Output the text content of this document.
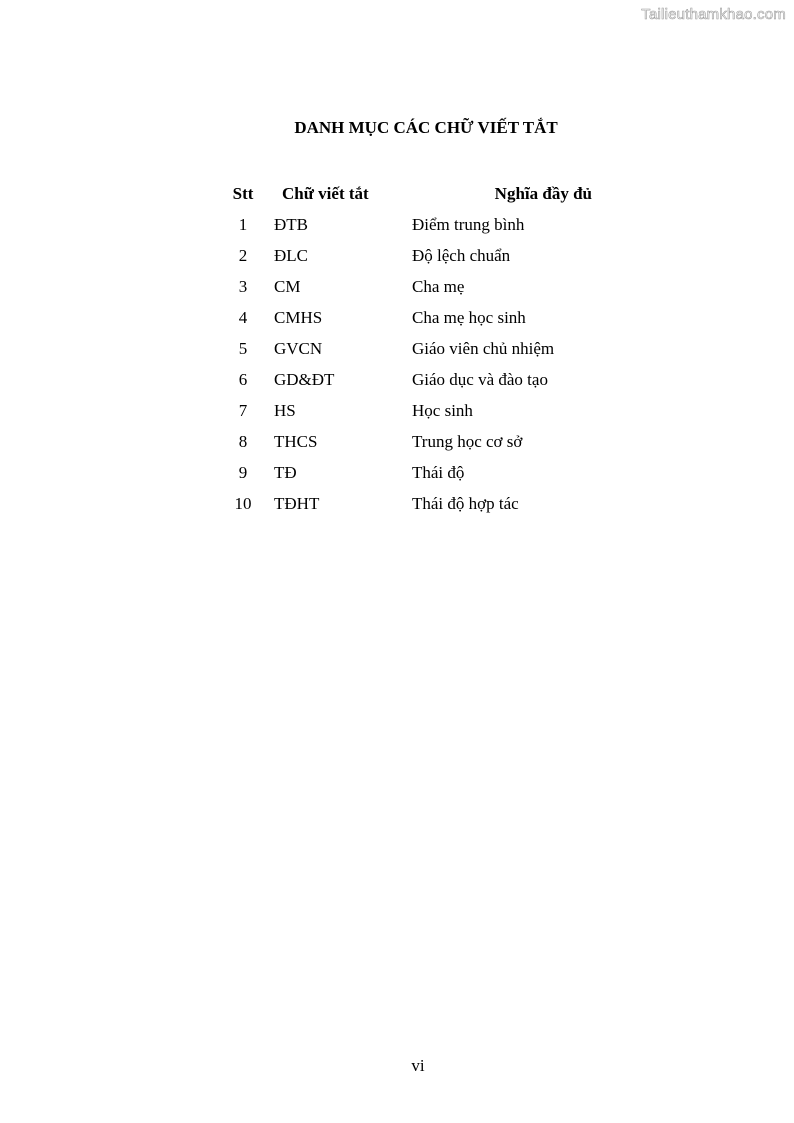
Tailieuthamkhao.com
DANH MỤC CÁC CHỮ VIẾT TẮT
Stt	Chữ viết tắt	Nghĩa đầy đủ
1	ĐTB	Điểm trung bình
2	ĐLC	Độ lệch chuẩn
3	CM	Cha mẹ
4	CMHS	Cha mẹ học sinh
5	GVCN	Giáo viên chủ nhiệm
6	GD&ĐT	Giáo dục và đào tạo
7	HS	Học sinh
8	THCS	Trung học cơ sở
9	TĐ	Thái độ
10	TĐHT	Thái độ hợp tác
vi
